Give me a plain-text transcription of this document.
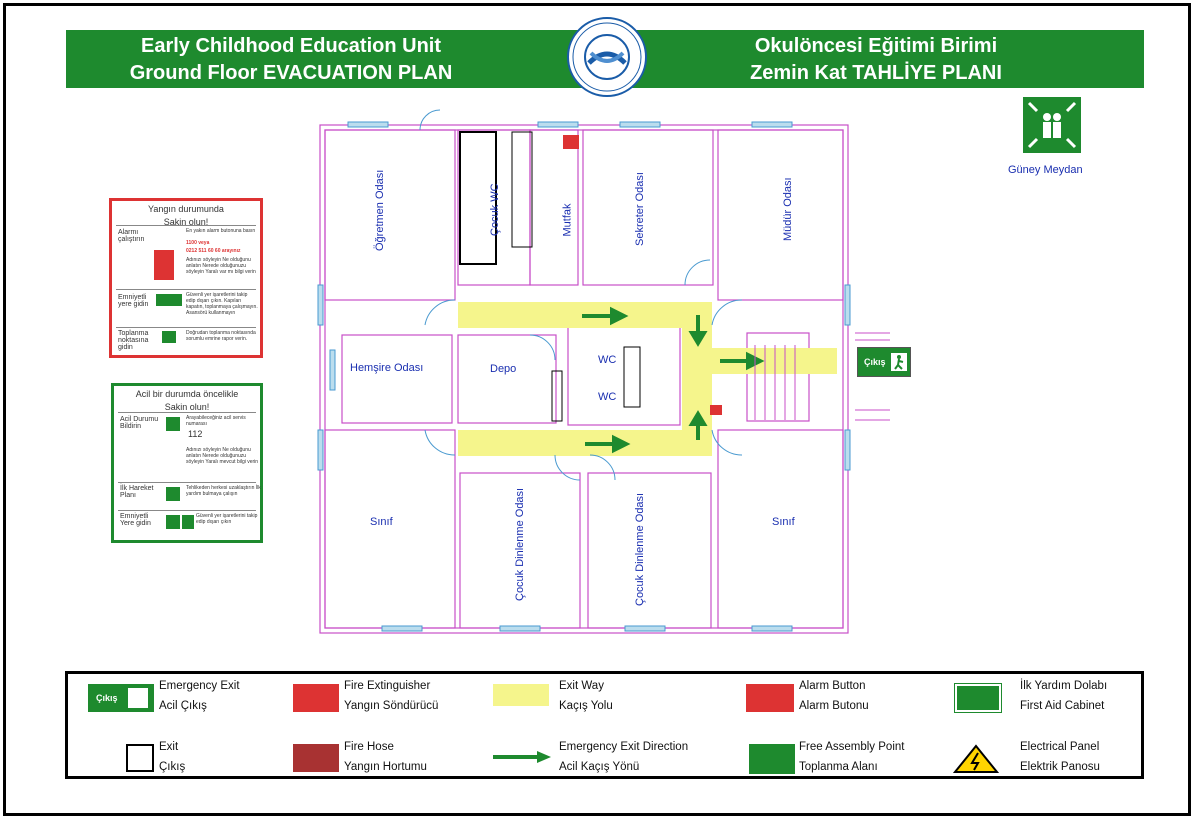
Early Childhood Education Unit
Ground Floor EVACUATION PLAN
Okulöncesi Eğitimi Birimi
Zemin Kat TAHLİYE PLANI
Öğretmen Odası	Çocuk WC	Mutfak	Sekreter Odası	Müdür Odası
Hemşire Odası	Depo
WC
WC
Sınıf	Çocuk Dinlenme Odası	Çocuk Dinlenme Odası	Sınıf
Çıkış
Güney Meydan
Yangın durumunda
Sakin olun!
Alarmı çalıştırın
En yakın alarm butonuna basın
1100 veya
0212 511 60 60 arayınız
Adınızı söyleyin Ne olduğunu anlatın Nerede olduğunuzu söyleyin Yaralı var mı bilgi verin
Emniyetli yere gidin
Güvenli yer işaretlerini takip edip dışarı çıkın. Kapıları kapatın, toplanmaya çalışmayın. Asansörü kullanmayın
Toplanma noktasına gidin
Doğrudan toplanma noktasında sorumlu emrine rapor verin.
Acil bir durumda öncelikle
Sakin olun!
Acil Durumu Bildirin
Arayabileceğiniz acil servis numarası
112
Adınızı söyleyin Ne olduğunu anlatın Nerede olduğunuzu söyleyin Yaralı mevcut bilgi verin
İlk Hareket Planı
Tehlikeden herkesi uzaklaştırın İlk yardım bulmaya çalışın
Emniyetli Yere gidin
Güvenli yer işaretlerini takip edip dışarı çıkın
Çıkış
Emergency Exit
Acil Çıkış
Fire Extinguisher
Yangın Söndürücü
Exit Way
Kaçış Yolu
Alarm Button
Alarm Butonu
İlk Yardım Dolabı
First Aid Cabinet
Exit
Çıkış
Fire Hose
Yangın Hortumu
Emergency Exit Direction
Acil Kaçış Yönü
Free Assembly Point
Toplanma Alanı
Electrical Panel
Elektrik Panosu
